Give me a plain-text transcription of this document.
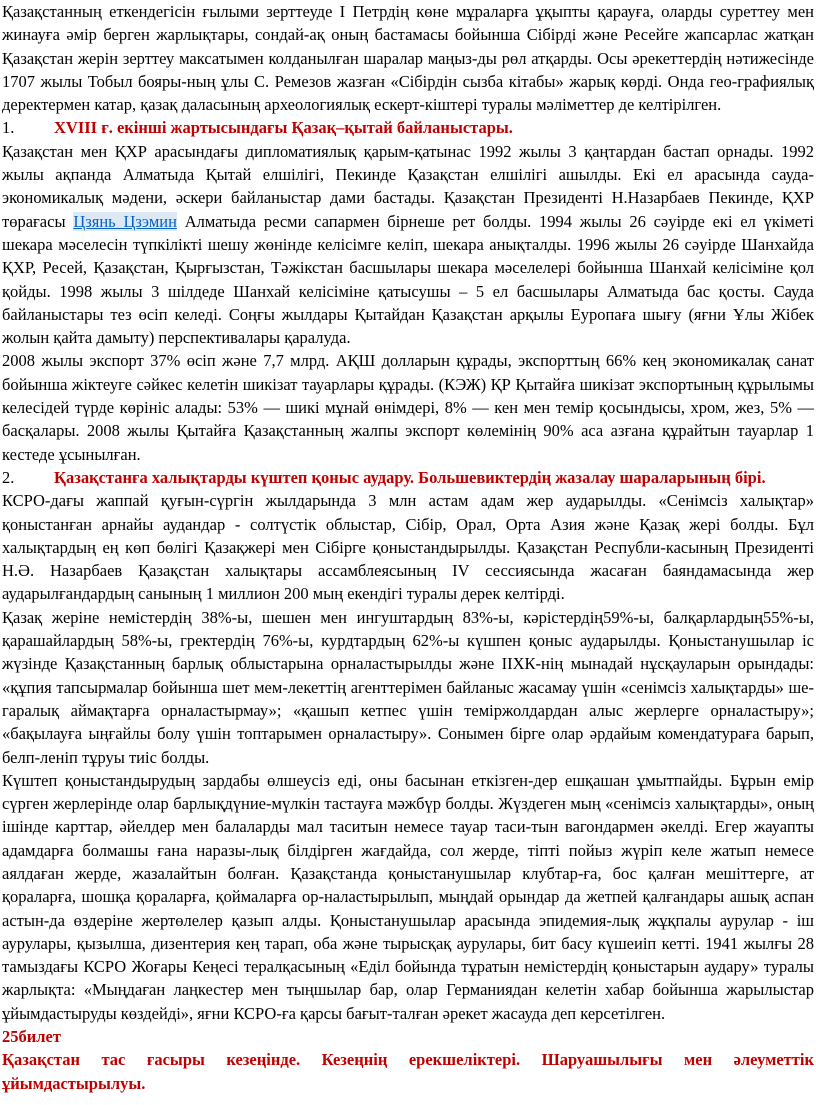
Қазақстанның еткендегісін ғылыми зерттеуде І Петрдің көне мұраларға ұқыпты қарауға, оларды суреттеу мен жинауға әмір берген жарлықтары, сондай-ақ оның бастамасы бойынша Сібірді және Ресейге жапсарлас жатқан Қазақстан жерін зерттеу максатымен колданылған шаралар маңыз-ды рөл атқарды. Осы әрекеттердің нәтижесінде 1707 жылы Тобыл бояры-ның ұлы С. Ремезов жазған «Сібірдін сызба кітабы» жарық көрді. Онда гео-графиялық деректермен катар, қазақ даласының археологиялық ескерт-кіштері туралы мәліметтер де келтірілген.

1. XVIII ғ. екінші жартысындағы Қазақ–қытай байланыстары.

Қазақстан мен ҚХР арасындағы дипломатиялық қарым-қатынас 1992 жылы 3 қаңтардан бастап орнады. 1992 жылы ақпанда Алматыда Қытай елшілігі, Пекинде Қазақстан елшілігі ашылды. Екі ел арасында сауда-экономикалық мәдени, әскери байланыстар дами бастады. Қазақстан Президенті Н.Назарбаев Пекинде, ҚХР төрағасы Цзянь Цзэмин Алматыда ресми сапармен бірнеше рет болды. 1994 жылы 26 сәуірде екі ел үкіметі шекара мәселесін түпкілікті шешу жөнінде келісімге келіп, шекара анықталды. 1996 жылы 26 сәуірде Шанхайда ҚХР, Ресей, Қазақстан, Қырғызстан, Тәжікстан басшылары шекара мәселелері бойынша Шанхай келісіміне қол қойды. 1998 жылы 3 шілдеде Шанхай келісіміне қатысушы – 5 ел басшылары Алматыда бас қосты. Сауда байланыстары тез өсіп келеді. Соңғы жылдары Қытайдан Қазақстан арқылы Еуропаға шығу (яғни Ұлы Жібек жолын қайта дамыту) перспективалары қаралуда.

2008 жылы экспорт 37% өсіп және 7,7 млрд. АҚШ долларын құрады, экспорттың 66% кең экономикалақ санат бойынша жіктеуге сәйкес келетін шикізат тауарлары құрады. (КЭЖ) ҚР Қытайға шикізат экспортының құрылымы келесідей түрде көрініс алады: 53% — шикі мұнай өнімдері, 8% — кен мен темір қосындысы, хром, жез, 5% — басқалары. 2008 жылы Қытайға Қазақстанның жалпы экспорт көлемінің 90% аса азғана құрайтын тауарлар 1 кестеде ұсынылған.

2. Қазақстанға халықтарды күштеп қоныс аудару. Большевиктердің жазалау шараларының бірі.

КСРО-дағы жаппай қуғын-сүргін жылдарында 3 млн астам адам жер аударылды. «Сенімсіз халықтар» қоныстанған арнайы аудандар - солтүстік облыстар, Сібір, Орал, Орта Азия және Қазақ жері болды. Бұл халықтардың ең көп бөлігі Қазақжері мен Сібірге қоныстандырылды. Қазақстан Республи-касының Президенті Н.Ә. Назарбаев Қазақстан халықтары ассамблеясының IV сессиясында жасаған баяндамасында жер аударылғандардың санының 1 миллион 200 мың екендігі туралы дерек келтірді.

Қазақ жеріне немістердің 38%-ы, шешен мен ингуштардың 83%-ы, кәрістердің59%-ы, балқарлардың55%-ы, қарашайлардың 58%-ы, гректердің 76%-ы, курдтардың 62%-ы күшпен қоныс аударылды. Қоныстанушылар іс жүзінде Қазақстанның барлық облыстарына орналастырылды және ІІХК-нің мынадай нұсқауларын орындады: «құпия тапсырмалар бойынша шет мем-лекеттің агенттерімен байланыс жасамау үшін «сенімсіз халықтарды» ше-гаралық аймақтарға орналастырмау»; «қашып кетпес үшін теміржолдардан алыс жерлерге орналастыру»; «бақылауға ыңғайлы болу үшін топтарымен орналастыру». Сонымен бірге олар әрдайым комендатураға барып, белп-леніп тұруы тиіс болды.

Күштеп қоныстандырудың зардабы өлшеусіз еді, оны басынан еткізген-дер ешқашан ұмытпайды. Бұрын емір сүрген жерлерінде олар барлықдүние-мүлкін тастауға мәжбүр болды. Жүздеген мың «сенімсіз халықтарды», оның ішінде карттар, әйелдер мен балаларды мал таситын немесе тауар таси-тын вагондармен әкелді. Егер жауапты адамдарға болмашы ғана наразы-лық білдірген жағдайда, сол жерде, тіпті пойыз жүріп келе жатып немесе аялдаған жерде, жазалайтын болған. Қазақстанда қоныстанушылар клубтар-ға, бос қалған мешіттерге, ат қораларға, шошқа қораларға, қоймаларға ор-наластырылып, мыңдай орындар да жетпей қалғандары ашық аспан астын-да өздеріне жертөлелер қазып алды. Қоныстанушылар арасында эпидемия-лық жұқпалы аурулар - іш аурулары, қызылша, дизентерия кең тарап, оба және тырысқақ аурулары, бит басу күшеиіп кетті. 1941 жылғы 28 тамыздағы КСРО Жоғары Кеңесі тералқасының «Еділ бойында тұратын немістердің қоныстарын аудару» туралы жарлықта: «Мыңдаған лаңкестер мен тыңшылар бар, олар Германиядан келетін хабар бойынша жарылыстар ұйымдастыруды көздейді», яғни КСРО-ға қарсы бағыт-талған әрекет жасауда деп керсетілген.

25билет

Қазақстан тас ғасыры кезеңінде. Кезеңнің ерекшеліктері. Шаруашылығы мен әлеуметтік ұйымдастырылуы.
